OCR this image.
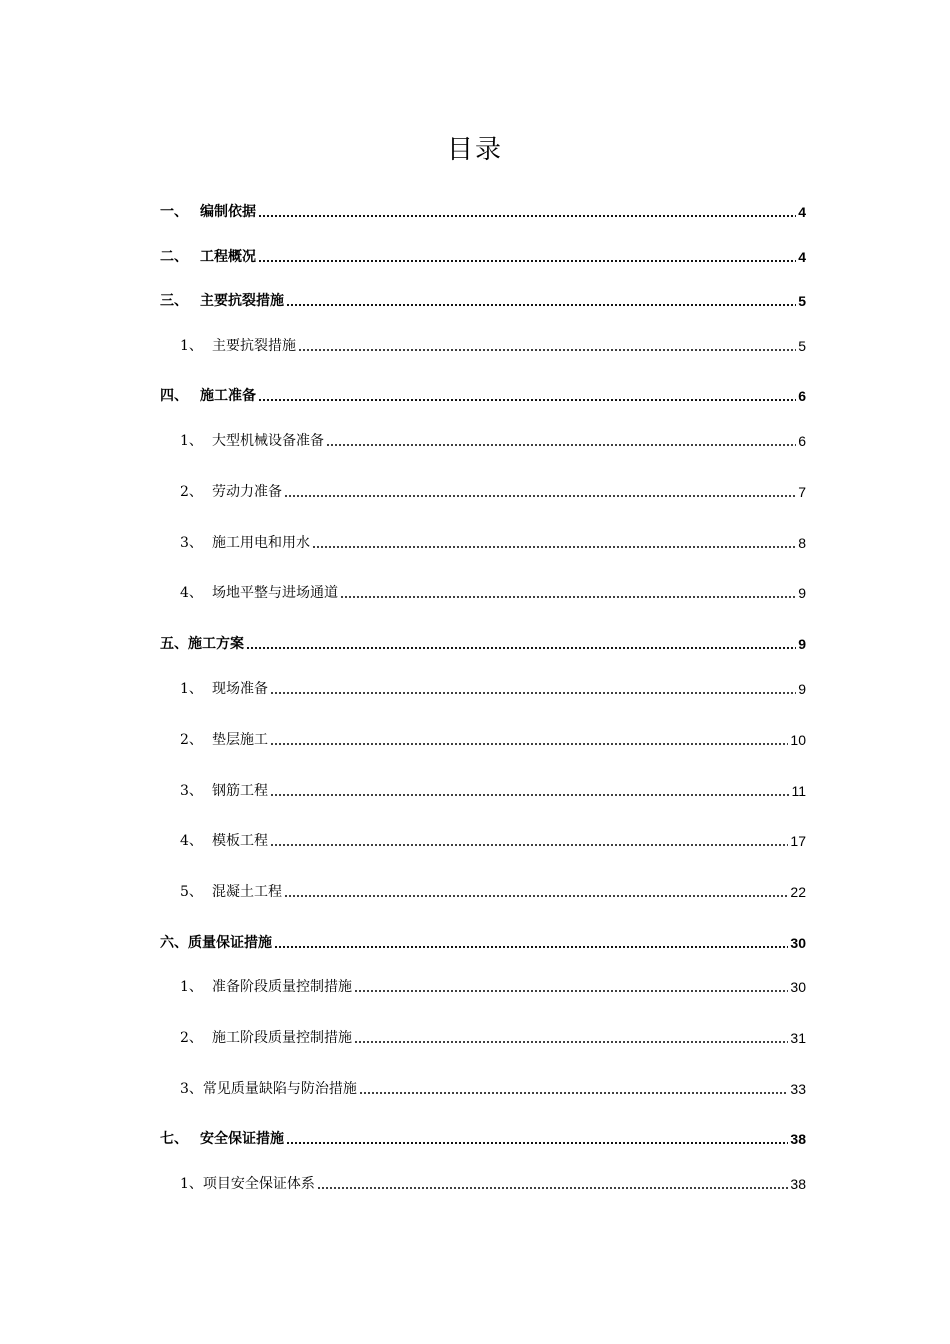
目录
一、 编制依据	4
二、 工程概况	4
三、 主要抗裂措施	5
1、 主要抗裂措施	5
四、 施工准备	6
1、 大型机械设备准备	6
2、 劳动力准备	7
3、 施工用电和用水	8
4、 场地平整与进场通道	9
五、 施工方案	9
1、 现场准备	9
2、 垫层施工	10
3、 钢筋工程	11
4、 模板工程	17
5、 混凝土工程	22
六、 质量保证措施	30
1、 准备阶段质量控制措施	30
2、 施工阶段质量控制措施	31
3、 常见质量缺陷与防治措施	33
七、 安全保证措施	38
1、 项目安全保证体系	38
